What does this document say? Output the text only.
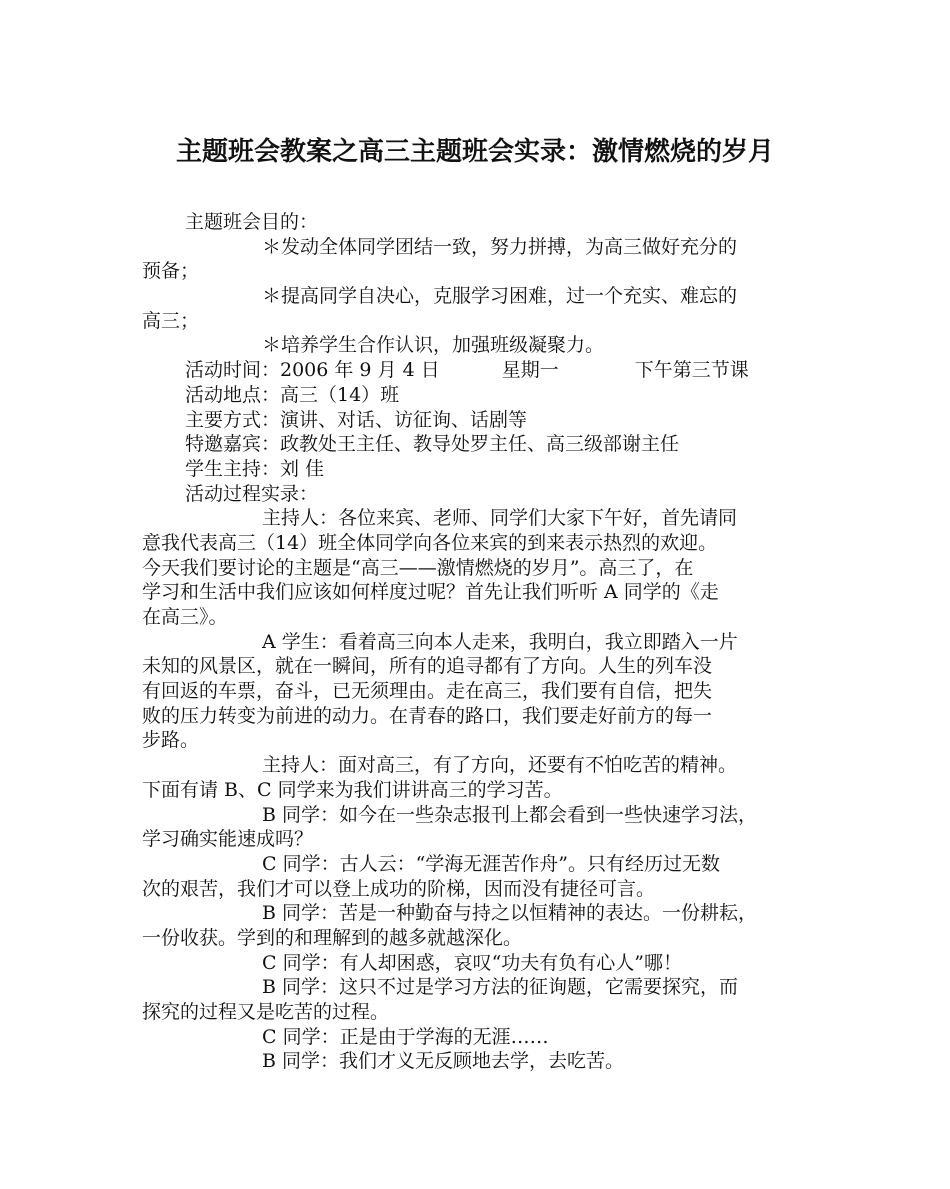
主题班会教案之高三主题班会实录：激情燃烧的岁月
主题班会目的：
＊发动全体同学团结一致，努力拼搏，为高三做好充分的
预备；
＊提高同学自决心，克服学习困难，过一个充实、难忘的
高三；
＊培养学生合作认识，加强班级凝聚力。
活动时间：2006 年 9 月 4 日	星期一	下午第三节课
活动地点：高三（14）班
主要方式：演讲、对话、访征询、话剧等
特邀嘉宾：政教处王主任、教导处罗主任、高三级部谢主任
学生主持：刘 佳
活动过程实录：
主持人：各位来宾、老师、同学们大家下午好，首先请同
意我代表高三（14）班全体同学向各位来宾的到来表示热烈的欢迎。
今天我们要讨论的主题是“高三——激情燃烧的岁月”。高三了，在
学习和生活中我们应该如何样度过呢？首先让我们听听 A 同学的《走
在高三》。
A 学生：看着高三向本人走来，我明白，我立即踏入一片
未知的风景区，就在一瞬间，所有的追寻都有了方向。人生的列车没
有回返的车票，奋斗，已无须理由。走在高三，我们要有自信，把失
败的压力转变为前进的动力。在青春的路口，我们要走好前方的每一
步路。
主持人：面对高三，有了方向，还要有不怕吃苦的精神。
下面有请 B、C 同学来为我们讲讲高三的学习苦。
B 同学：如今在一些杂志报刊上都会看到一些快速学习法，
学习确实能速成吗？
C 同学：古人云：“学海无涯苦作舟”。只有经历过无数
次的艰苦，我们才可以登上成功的阶梯，因而没有捷径可言。
B 同学：苦是一种勤奋与持之以恒精神的表达。一份耕耘，
一份收获。学到的和理解到的越多就越深化。
C 同学：有人却困惑，哀叹“功夫有负有心人”哪！
B 同学：这只不过是学习方法的征询题，它需要探究，而
探究的过程又是吃苦的过程。
C 同学：正是由于学海的无涯……
B 同学：我们才义无反顾地去学，去吃苦。
